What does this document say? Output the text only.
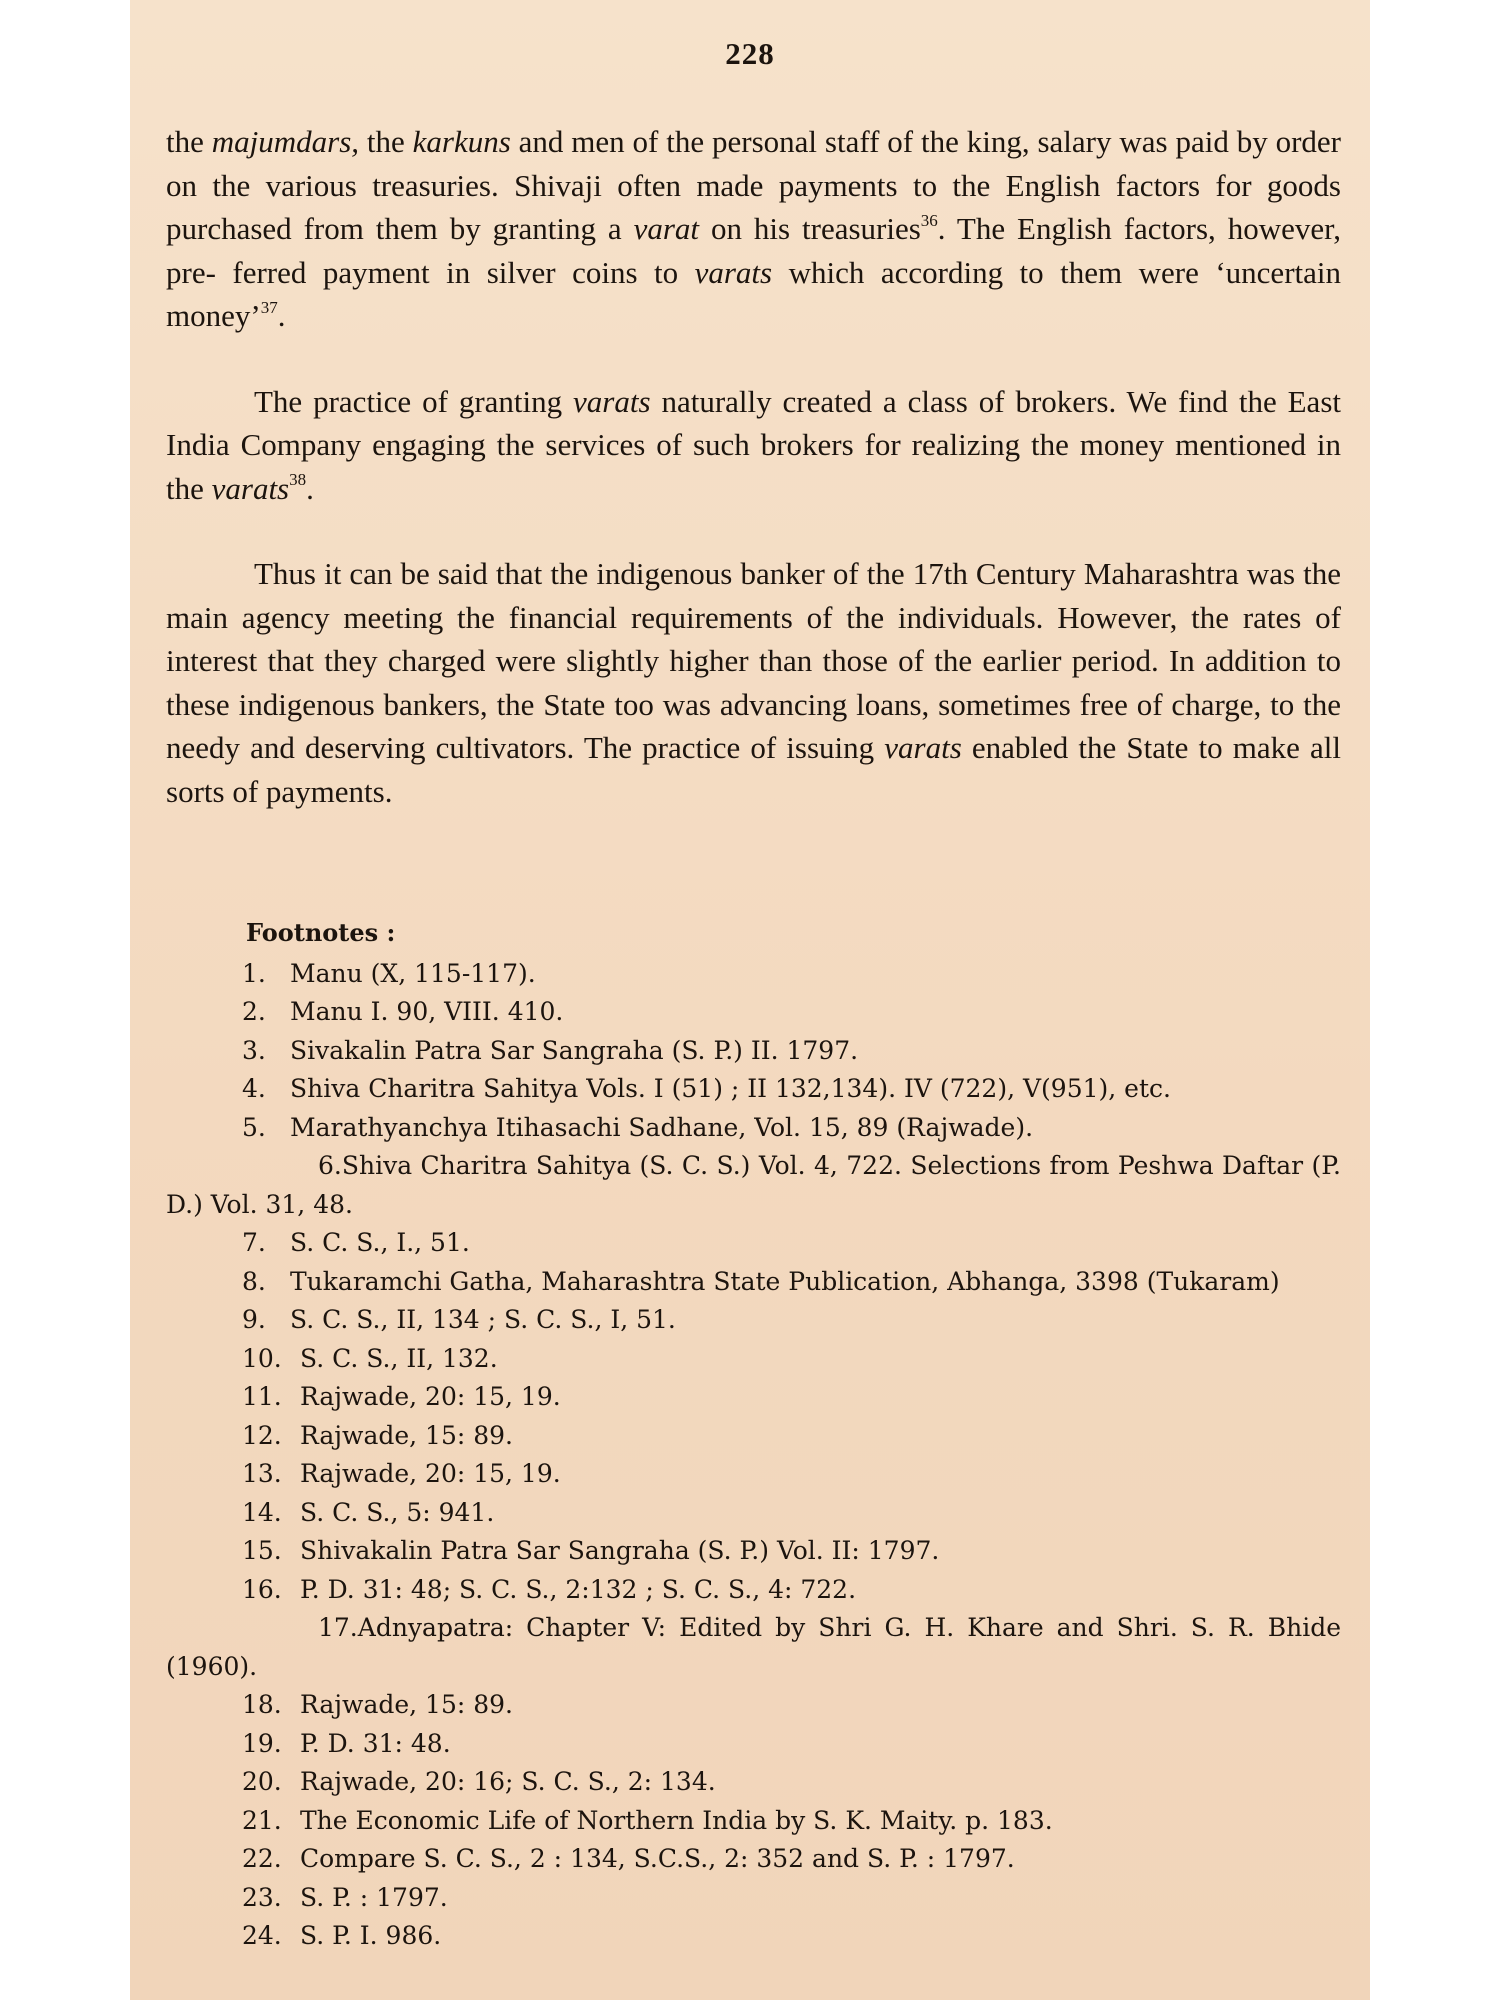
228

the majumdars, the karkuns and men of the personal staff of the king, salary was paid by order on the various treasuries. Shivaji often made payments to the English factors for goods purchased from them by granting a varat on his treasuries$^{36}$. The English factors, however, pre- ferred payment in silver coins to varats which according to them were ‘uncertain money’$^{37}$.

The practice of granting varats naturally created a class of brokers. We find the East India Company engaging the services of such brokers for realizing the money mentioned in the varats$^{38}$.

Thus it can be said that the indigenous banker of the 17th Century Maharashtra was the main agency meeting the financial requirements of the individuals. However, the rates of interest that they charged were slightly higher than those of the earlier period. In addition to these indigenous bankers, the State too was advancing loans, sometimes free of charge, to the needy and deserving cultivators. The practice of issuing varats enabled the State to make all sorts of payments.

Footnotes :

1. Manu (X, 115-117).
2. Manu I. 90, VIII. 410.
3. Sivakalin Patra Sar Sangraha (S. P.) II. 1797.
4. Shiva Charitra Sahitya Vols. I (51) ; II 132,134). IV (722), V(951), etc.
5. Marathyanchya Itihasachi Sadhane, Vol. 15, 89 (Rajwade).
6.Shiva Charitra Sahitya (S. C. S.) Vol. 4, 722. Selections from Peshwa Daftar (P. D.) Vol. 31, 48.
7. S. C. S., I., 51.
8. Tukaramchi Gatha, Maharashtra State Publication, Abhanga, 3398 (Tukaram)
9. S. C. S., II, 134 ; S. C. S., I, 51.
10. S. C. S., II, 132.
11. Rajwade, 20: 15, 19.
12. Rajwade, 15: 89.
13. Rajwade, 20: 15, 19.
14. S. C. S., 5: 941.
15. Shivakalin Patra Sar Sangraha (S. P.) Vol. II: 1797.
16. P. D. 31: 48; S. C. S., 2:132 ; S. C. S., 4: 722.
17.Adnyapatra: Chapter V: Edited by Shri G. H. Khare and Shri. S. R. Bhide (1960).
18. Rajwade, 15: 89.
19. P. D. 31: 48.
20. Rajwade, 20: 16; S. C. S., 2: 134.
21. The Economic Life of Northern India by S. K. Maity. p. 183.
22. Compare S. C. S., 2 : 134, S.C.S., 2: 352 and S. P. : 1797.
23. S. P. : 1797.
24. S. P. I. 986.
